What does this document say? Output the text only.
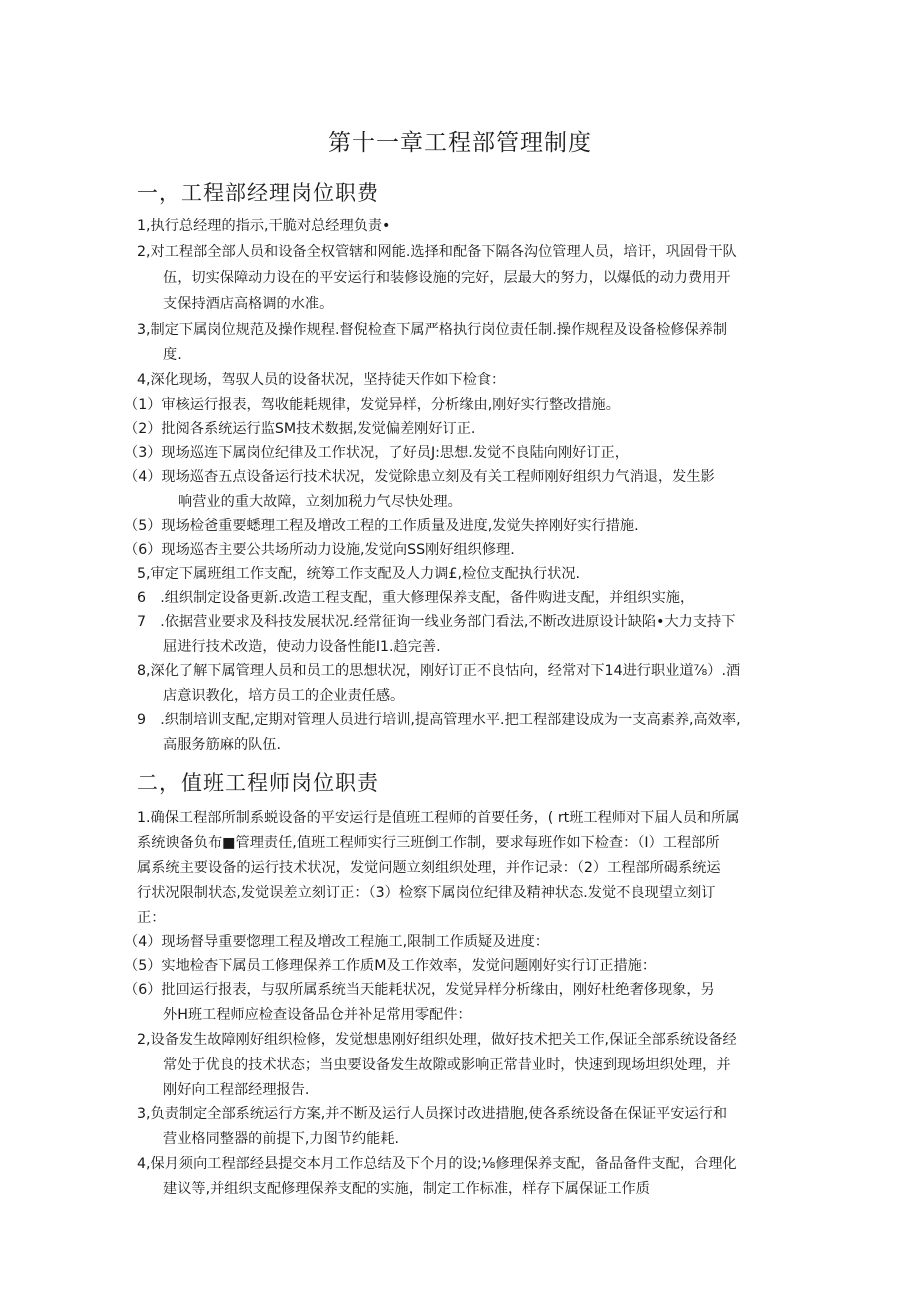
第十一章工程部管理制度
一，工程部经理岗位职费
1,执行总经理的指示,干脆对总经理负责•
2,对工程部全部人员和设备全权管辖和网能.选择和配备下隔各沟位管理人员，培讦，巩固骨干队
伍，切实保障动力设在的平安运行和装修设施的完好，层最大的努力，以爆低的动力费用开
支保持酒店高格调的水准。
3,制定下属岗位规范及操作规程.督倪检查下属严格执行岗位责任制.操作规程及设备检修保养制
度.
4,深化现场，驾驭人员的设备状况，坚持徒天作如下检食：
（1）审核运行报表，驾收能耗规律，发觉异样，分析缘由,刚好实行整改措施。
（2）批阅各系统运行监SM技术数据,发觉偏差刚好订正.
（3）现场巡连下属岗位纪律及工作状况，了好员J:思想.发觉不良陆向刚好订正，
（4）现场巡杳五点设备运行技术状况，发觉除患立刻及有关工程师刚好组织力气消退，发生影
响营业的重大故障，立刻加税力气尽快处理。
（5）现场检爸重要蟋理工程及增改工程的工作质量及进度,发觉失捽刚好实行措施.
（6）现场巡杏主要公共场所动力设施,发觉向SS刚好组织修理.
5,审定下属班组工作支配，统筹工作支配及人力调£,检位支配执行状况.
6　.组织制定设备更新.改造工程支配，重大修理保养支配，备件购进支配，并组织实施，
7　.依据营业要求及科技发展状况.经常征询一线业务部门看法,不断改进原设计缺陷•大力支持下
屈进行技术改造，使动力设备性能I1.趋完善.
8,深化了解下属管理人员和员工的思想状况，刚好订正不良怙向，经常对下14进行职业道⅞）.酒
店意识教化，培方员工的企业责任感。
9　.织制培训支配,定期对管理人员进行培训,提高管理水平.把工程部建设成为一支高素养,高效率,
高服务筋麻的队伍.
二，值班工程师岗位职责
1.确保工程部所制系蜕设备的平安运行是值班工程师的首要任务，( rt班工程师对下届人员和所属
系统谀备负布■管理责任,值班工程师实行三班倒工作制，要求每班作如下检查：（I）工程部所
属系统主要设备的运行技术状况，发觉问题立刻组织处理，并作记录：（2）工程部所碣系统运
行状况限制状态,发觉误差立刻订正：（3）检察下属岗位纪律及精神状态.发觉不良现望立刻订
正：
（4）现场督导重要惚理工程及增改工程施工,限制工作质疑及进度：
（5）实地检杳下属员工修理保养工作质M及工作效率，发觉问题刚好实行订正措施：
（6）批回运行报表，与驭所属系统当天能耗状况，发觉异样分析缘由，刚好杜绝奢侈现象，另
外H班工程师应检查设备品仓并补足常用零配件：
2,设备发生故障刚好组织检修，发觉想患刚好组织处理，做好技术把关工作,保证全部系统设备经
常处于优良的技术状态；当虫要设备发生故隙或影响正常昔业时，快速到现场坦织处理，并
刚好向工程部经理报告.
3,负责制定全部系统运行方案,并不断及运行人员探讨改进措胞,使各系统设备在保证平安运行和
营业格同整器的前提下,力图节约能耗.
4,保月须向工程部经县提交本月工作总结及下个月的设;⅛修理保养支配，备品备件支配，合理化
建议等,并组织支配修理保养支配的实施，制定工作标准，样存下属保证工作质
